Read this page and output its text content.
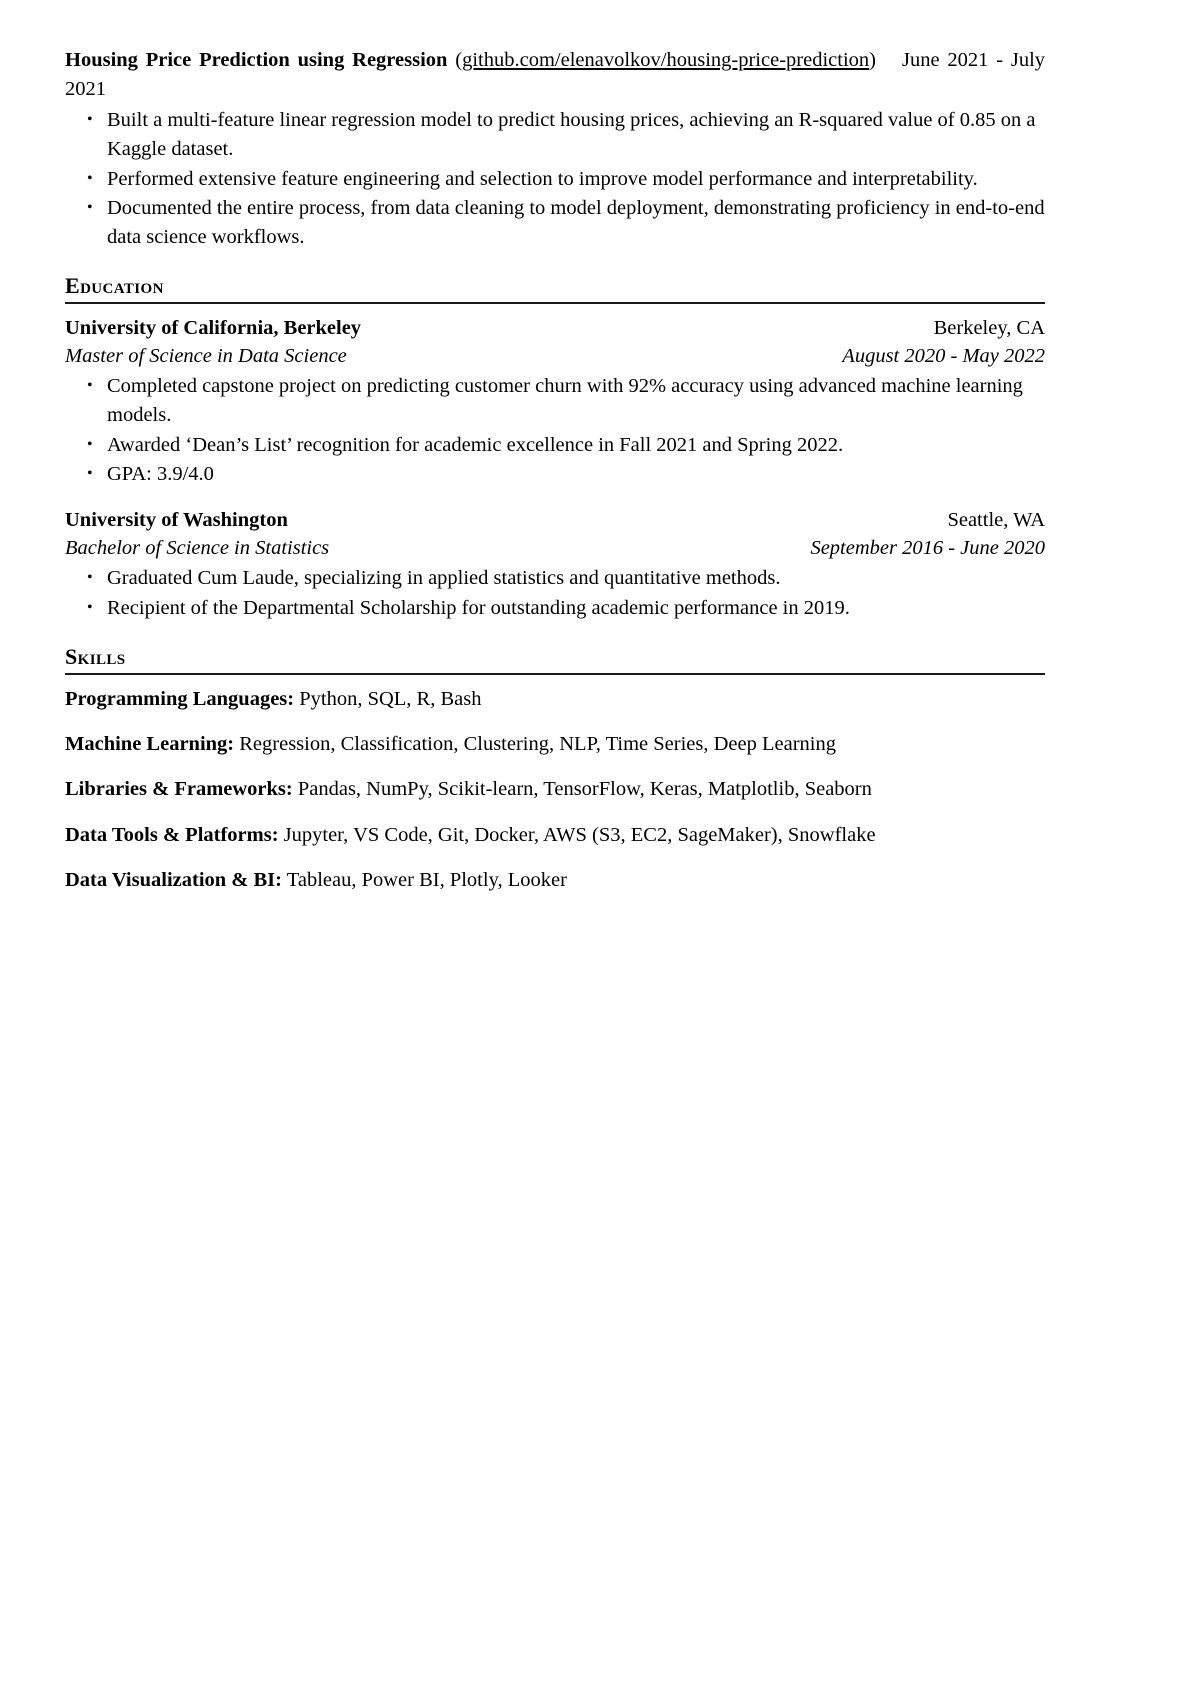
Housing Price Prediction using Regression (github.com/elenavolkov/housing-price-prediction) June 2021 - July 2021

• Built a multi-feature linear regression model to predict housing prices, achieving an R-squared value of 0.85 on a Kaggle dataset.
• Performed extensive feature engineering and selection to improve model performance and interpretability.
• Documented the entire process, from data cleaning to model deployment, demonstrating proficiency in end-to-end data science workflows.
Education
University of California, Berkeley	Berkeley, CA
Master of Science in Data Science	August 2020 - May 2022
• Completed capstone project on predicting customer churn with 92% accuracy using advanced machine learning models.
• Awarded ‘Dean’s List’ recognition for academic excellence in Fall 2021 and Spring 2022.
• GPA: 3.9/4.0
University of Washington	Seattle, WA
Bachelor of Science in Statistics	September 2016 - June 2020
• Graduated Cum Laude, specializing in applied statistics and quantitative methods.
• Recipient of the Departmental Scholarship for outstanding academic performance in 2019.
Skills

Programming Languages: Python, SQL, R, Bash

Machine Learning: Regression, Classification, Clustering, NLP, Time Series, Deep Learning

Libraries & Frameworks: Pandas, NumPy, Scikit-learn, TensorFlow, Keras, Matplotlib, Seaborn

Data Tools & Platforms: Jupyter, VS Code, Git, Docker, AWS (S3, EC2, SageMaker), Snowflake

Data Visualization & BI: Tableau, Power BI, Plotly, Looker
